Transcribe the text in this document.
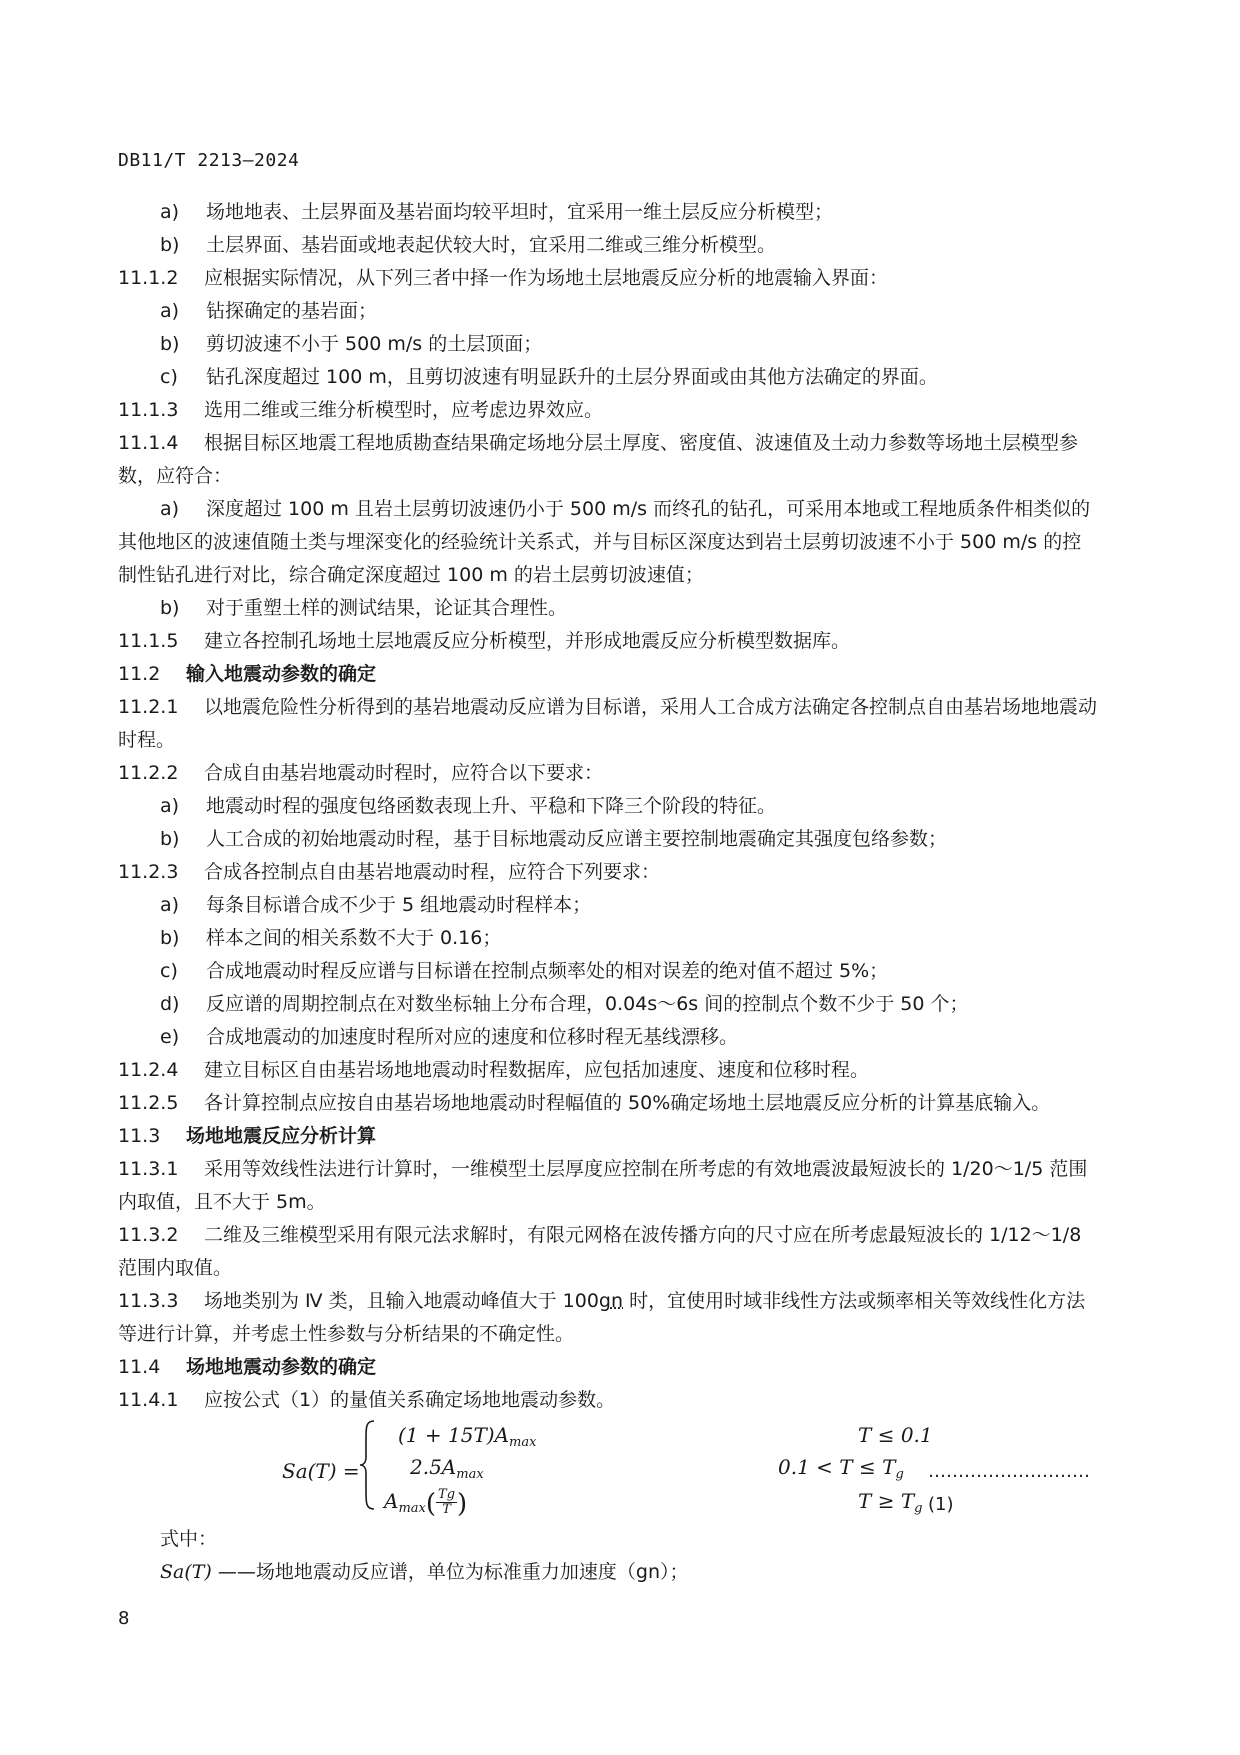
DB11/T 2213—2024

a) 场地地表、土层界面及基岩面均较平坦时，宜采用一维土层反应分析模型；

b) 土层界面、基岩面或地表起伏较大时，宜采用二维或三维分析模型。

11.1.2 应根据实际情况，从下列三者中择一作为场地土层地震反应分析的地震输入界面：

a) 钻探确定的基岩面；

b) 剪切波速不小于 500 m/s 的土层顶面；

c) 钻孔深度超过 100 m，且剪切波速有明显跃升的土层分界面或由其他方法确定的界面。

11.1.3 选用二维或三维分析模型时，应考虑边界效应。

11.1.4 根据目标区地震工程地质勘查结果确定场地分层土厚度、密度值、波速值及土动力参数等场地土层模型参数，应符合：

a) 深度超过 100 m 且岩土层剪切波速仍小于 500 m/s 而终孔的钻孔，可采用本地或工程地质条件相类似的其他地区的波速值随土类与埋深变化的经验统计关系式，并与目标区深度达到岩土层剪切波速不小于 500 m/s 的控制性钻孔进行对比，综合确定深度超过 100 m 的岩土层剪切波速值；

b) 对于重塑土样的测试结果，论证其合理性。

11.1.5 建立各控制孔场地土层地震反应分析模型，并形成地震反应分析模型数据库。

11.2 输入地震动参数的确定

11.2.1 以地震危险性分析得到的基岩地震动反应谱为目标谱，采用人工合成方法确定各控制点自由基岩场地地震动时程。

11.2.2 合成自由基岩地震动时程时，应符合以下要求：

a) 地震动时程的强度包络函数表现上升、平稳和下降三个阶段的特征。

b) 人工合成的初始地震动时程，基于目标地震动反应谱主要控制地震确定其强度包络参数；

11.2.3 合成各控制点自由基岩地震动时程，应符合下列要求：

a) 每条目标谱合成不少于 5 组地震动时程样本；

b) 样本之间的相关系数不大于 0.16；

c) 合成地震动时程反应谱与目标谱在控制点频率处的相对误差的绝对值不超过 5%；

d) 反应谱的周期控制点在对数坐标轴上分布合理，0.04s～6s 间的控制点个数不少于 50 个；

e) 合成地震动的加速度时程所对应的速度和位移时程无基线漂移。

11.2.4 建立目标区自由基岩场地地震动时程数据库，应包括加速度、速度和位移时程。

11.2.5 各计算控制点应按自由基岩场地地震动时程幅值的 50%确定场地土层地震反应分析的计算基底输入。

11.3 场地地震反应分析计算

11.3.1 采用等效线性法进行计算时，一维模型土层厚度应控制在所考虑的有效地震波最短波长的 1/20～1/5 范围内取值，且不大于 5m。

11.3.2 二维及三维模型采用有限元法求解时，有限元网格在波传播方向的尺寸应在所考虑最短波长的 1/12～1/8 范围内取值。

11.3.3 场地类别为 Ⅳ 类，且输入地震动峰值大于 100gn 时，宜使用时域非线性方法或频率相关等效线性化方法等进行计算，并考虑土性参数与分析结果的不确定性。

11.4 场地地震动参数的确定

11.4.1 应按公式（1）的量值关系确定场地地震动参数。

Sa(T) =
$(1 + 15T)A_{max}$
$2.5A_{max}$
$A_{max}( \frac{Tg}{T}$ )
T ≤ 0.1
$0.1 < T \le T_g$
$T \ge T_g$
……………………… (1)

式中：

Sa(T) ——场地地震动反应谱，单位为标准重力加速度（gn）；

8
